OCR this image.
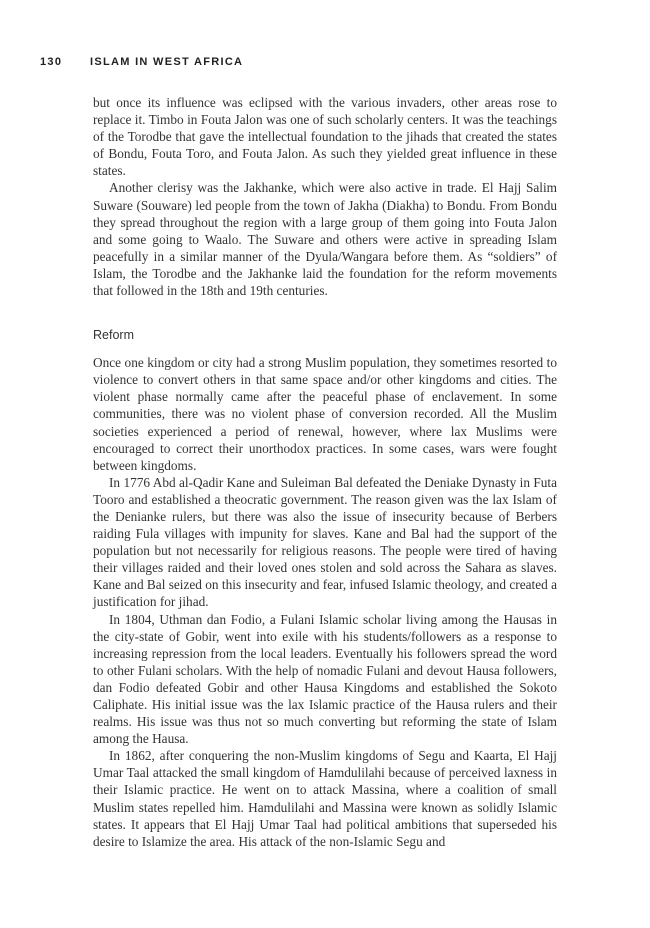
130	ISLAM IN WEST AFRICA

but once its influence was eclipsed with the various invaders, other areas rose to replace it. Timbo in Fouta Jalon was one of such scholarly centers. It was the teachings of the Torodbe that gave the intellectual foundation to the jihads that created the states of Bondu, Fouta Toro, and Fouta Jalon. As such they yielded great influence in these states.

Another clerisy was the Jakhanke, which were also active in trade. El Hajj Salim Suware (Souware) led people from the town of Jakha (Diakha) to Bondu. From Bondu they spread throughout the region with a large group of them going into Fouta Jalon and some going to Waalo. The Suware and others were active in spreading Islam peacefully in a similar manner of the Dyula/Wangara before them. As “soldiers” of Islam, the Torodbe and the Jakhanke laid the foundation for the reform movements that followed in the 18th and 19th centuries.

Reform

Once one kingdom or city had a strong Muslim population, they sometimes resorted to violence to convert others in that same space and/or other kingdoms and cities. The violent phase normally came after the peaceful phase of enclavement. In some communities, there was no violent phase of conversion recorded. All the Muslim societies experienced a period of renewal, however, where lax Muslims were encouraged to correct their unorthodox practices. In some cases, wars were fought between kingdoms.

In 1776 Abd al-Qadir Kane and Suleiman Bal defeated the Deniake Dynasty in Futa Tooro and established a theocratic government. The reason given was the lax Islam of the Denianke rulers, but there was also the issue of insecurity because of Berbers raiding Fula villages with impunity for slaves. Kane and Bal had the support of the population but not necessarily for religious reasons. The people were tired of having their villages raided and their loved ones stolen and sold across the Sahara as slaves. Kane and Bal seized on this insecurity and fear, infused Islamic theology, and created a justification for jihad.

In 1804, Uthman dan Fodio, a Fulani Islamic scholar living among the Hausas in the city-state of Gobir, went into exile with his students/followers as a response to increasing repression from the local leaders. Eventually his followers spread the word to other Fulani scholars. With the help of nomadic Fulani and devout Hausa followers, dan Fodio defeated Gobir and other Hausa Kingdoms and established the Sokoto Caliphate. His initial issue was the lax Islamic practice of the Hausa rulers and their realms. His issue was thus not so much converting but reforming the state of Islam among the Hausa.

In 1862, after conquering the non-Muslim kingdoms of Segu and Kaarta, El Hajj Umar Taal attacked the small kingdom of Hamdulilahi because of perceived laxness in their Islamic practice. He went on to attack Massina, where a coalition of small Muslim states repelled him. Hamdulilahi and Massina were known as solidly Islamic states. It appears that El Hajj Umar Taal had political ambitions that superseded his desire to Islamize the area. His attack of the non-Islamic Segu and
